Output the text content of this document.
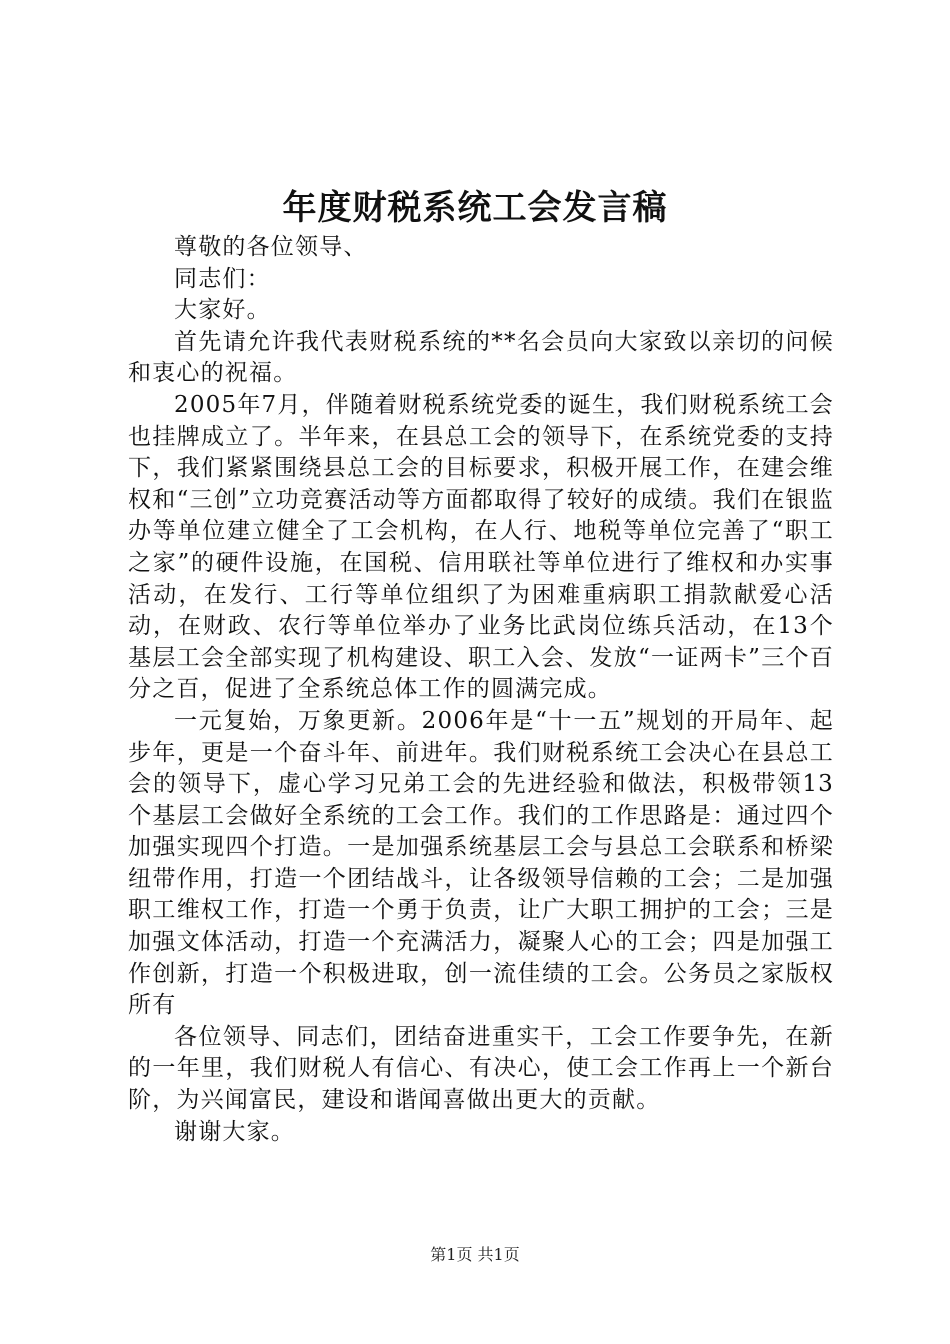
年度财税系统工会发言稿

尊敬的各位领导、

同志们：

大家好。

首先请允许我代表财税系统的**名会员向大家致以亲切的问候和衷心的祝福。

2005年7月，伴随着财税系统党委的诞生，我们财税系统工会也挂牌成立了。半年来，在县总工会的领导下，在系统党委的支持下，我们紧紧围绕县总工会的目标要求，积极开展工作，在建会维权和“三创”立功竞赛活动等方面都取得了较好的成绩。我们在银监办等单位建立健全了工会机构，在人行、地税等单位完善了“职工之家”的硬件设施，在国税、信用联社等单位进行了维权和办实事活动，在发行、工行等单位组织了为困难重病职工捐款献爱心活动，在财政、农行等单位举办了业务比武岗位练兵活动，在13个基层工会全部实现了机构建设、职工入会、发放“一证两卡”三个百分之百，促进了全系统总体工作的圆满完成。

一元复始，万象更新。2006年是“十一五”规划的开局年、起步年，更是一个奋斗年、前进年。我们财税系统工会决心在县总工会的领导下，虚心学习兄弟工会的先进经验和做法，积极带领13个基层工会做好全系统的工会工作。我们的工作思路是：通过四个加强实现四个打造。一是加强系统基层工会与县总工会联系和桥梁纽带作用，打造一个团结战斗，让各级领导信赖的工会；二是加强职工维权工作，打造一个勇于负责，让广大职工拥护的工会；三是加强文体活动，打造一个充满活力，凝聚人心的工会；四是加强工作创新，打造一个积极进取，创一流佳绩的工会。公务员之家版权所有

各位领导、同志们，团结奋进重实干，工会工作要争先，在新的一年里，我们财税人有信心、有决心，使工会工作再上一个新台阶，为兴闻富民，建设和谐闻喜做出更大的贡献。

谢谢大家。

第1页 共1页
